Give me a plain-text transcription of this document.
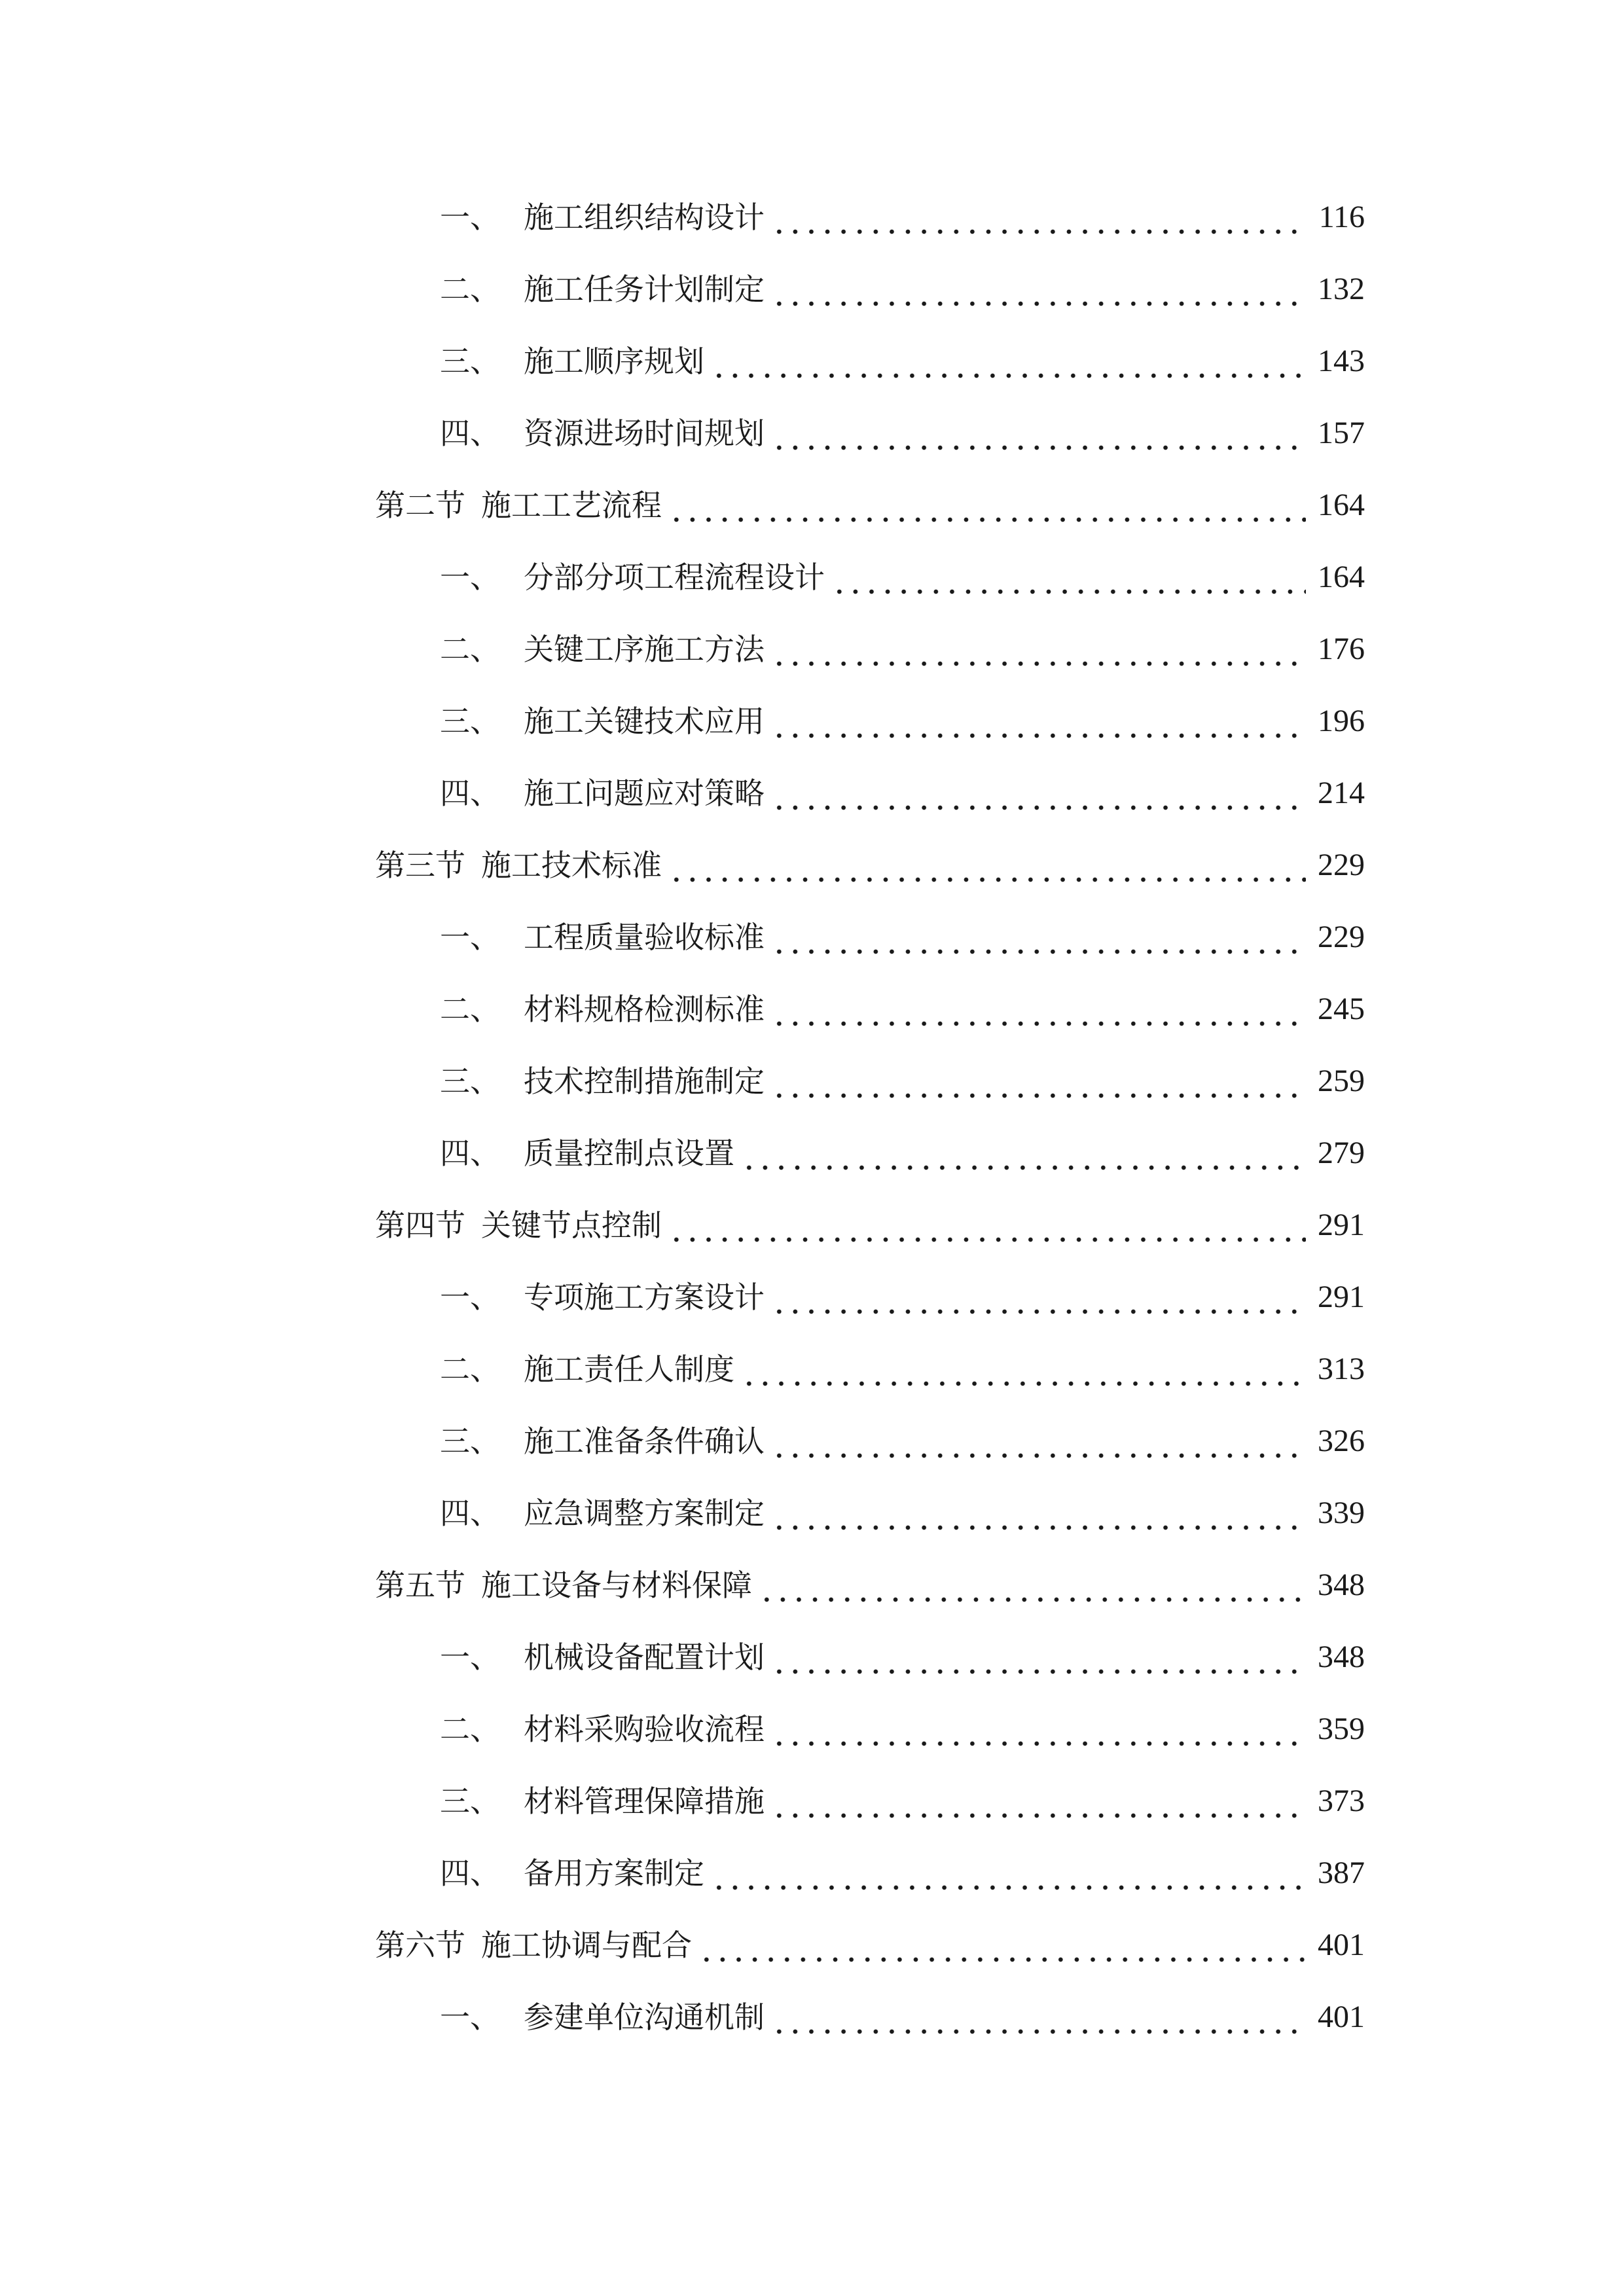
一、 施工组织结构设计	116
二、 施工任务计划制定	132
三、 施工顺序规划	143
四、 资源进场时间规划	157
第二节 施工工艺流程	164
一、 分部分项工程流程设计	164
二、 关键工序施工方法	176
三、 施工关键技术应用	196
四、 施工问题应对策略	214
第三节 施工技术标准	229
一、 工程质量验收标准	229
二、 材料规格检测标准	245
三、 技术控制措施制定	259
四、 质量控制点设置	279
第四节 关键节点控制	291
一、 专项施工方案设计	291
二、 施工责任人制度	313
三、 施工准备条件确认	326
四、 应急调整方案制定	339
第五节 施工设备与材料保障	348
一、 机械设备配置计划	348
二、 材料采购验收流程	359
三、 材料管理保障措施	373
四、 备用方案制定	387
第六节 施工协调与配合	401
一、 参建单位沟通机制	401
